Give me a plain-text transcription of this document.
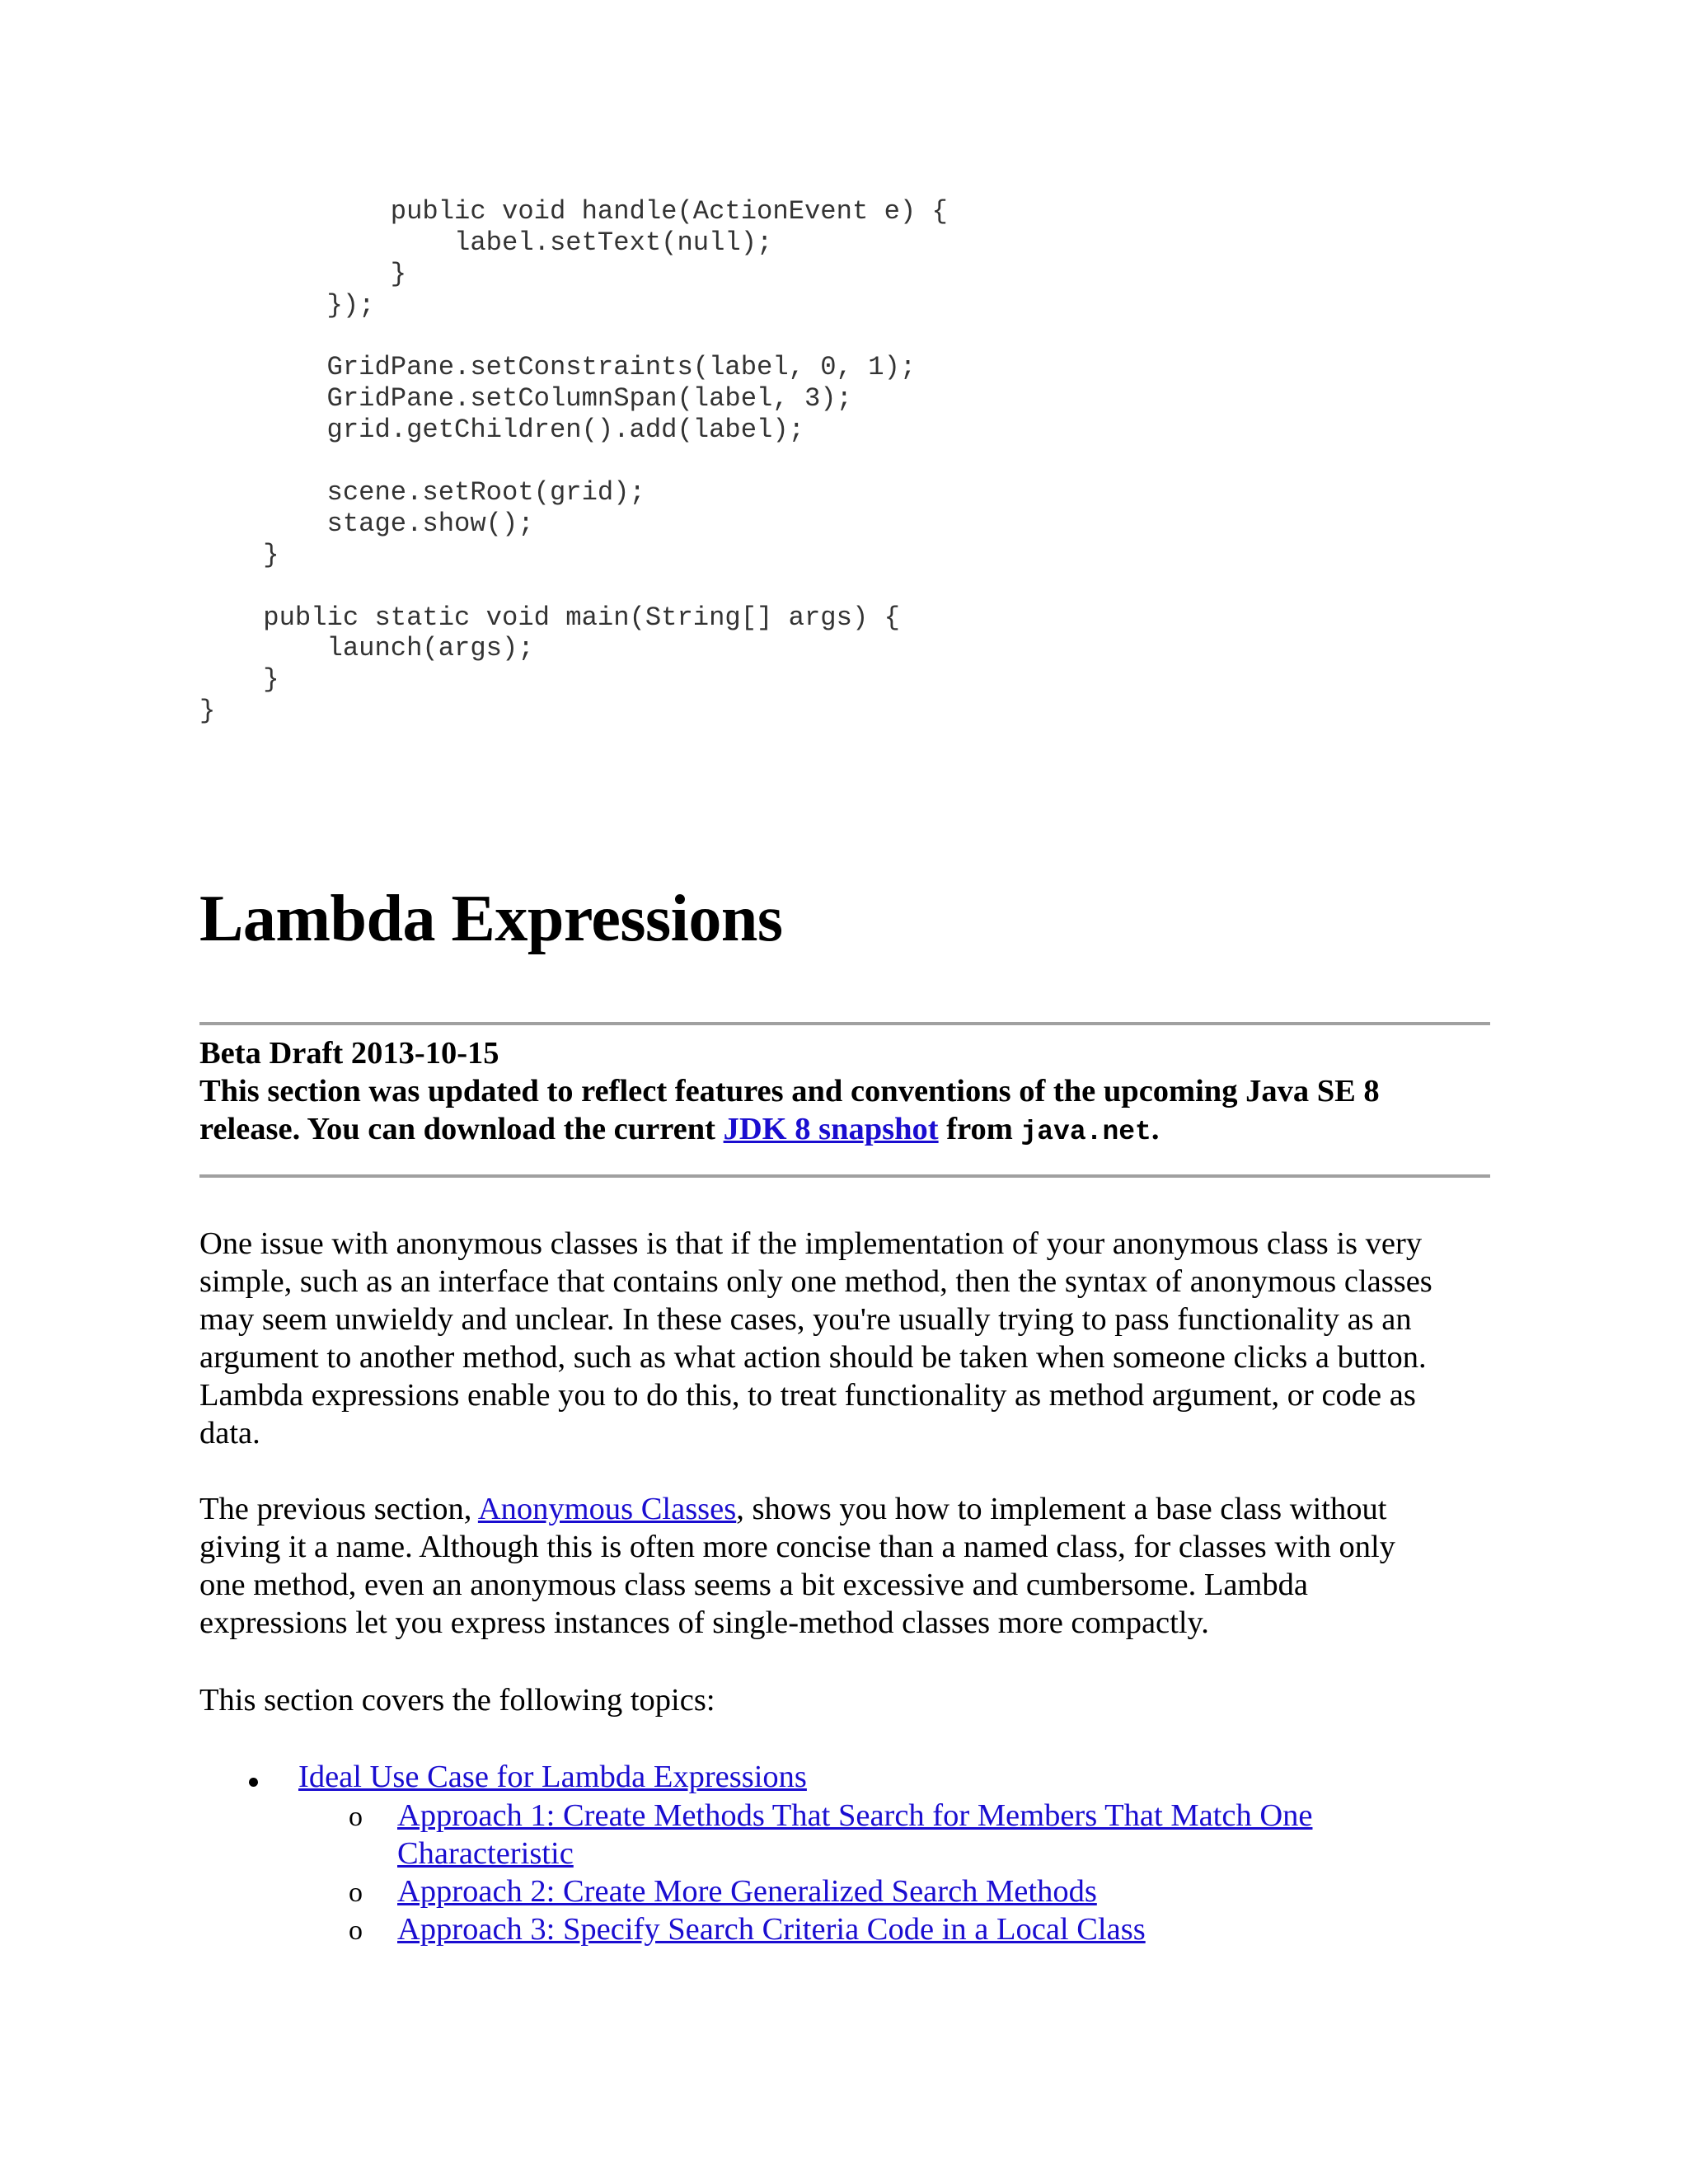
public void handle(ActionEvent e) {
label.setText(null);
}
});
GridPane.setConstraints(label, 0, 1);
GridPane.setColumnSpan(label, 3);
grid.getChildren().add(label);
scene.setRoot(grid);
stage.show();
}
public static void main(String[] args) {
launch(args);
}
}
Lambda Expressions
Beta Draft 2013-10-15
This section was updated to reflect features and conventions of the upcoming Java SE 8
release. You can download the current JDK 8 snapshot from java.net.
One issue with anonymous classes is that if the implementation of your anonymous class is very
simple, such as an interface that contains only one method, then the syntax of anonymous classes
may seem unwieldy and unclear. In these cases, you're usually trying to pass functionality as an
argument to another method, such as what action should be taken when someone clicks a button.
Lambda expressions enable you to do this, to treat functionality as method argument, or code as
data.
The previous section, Anonymous Classes, shows you how to implement a base class without
giving it a name. Although this is often more concise than a named class, for classes with only
one method, even an anonymous class seems a bit excessive and cumbersome. Lambda
expressions let you express instances of single-method classes more compactly.
This section covers the following topics:
Ideal Use Case for Lambda Expressions
o Approach 1: Create Methods That Search for Members That Match One
Characteristic
o Approach 2: Create More Generalized Search Methods
o Approach 3: Specify Search Criteria Code in a Local Class
